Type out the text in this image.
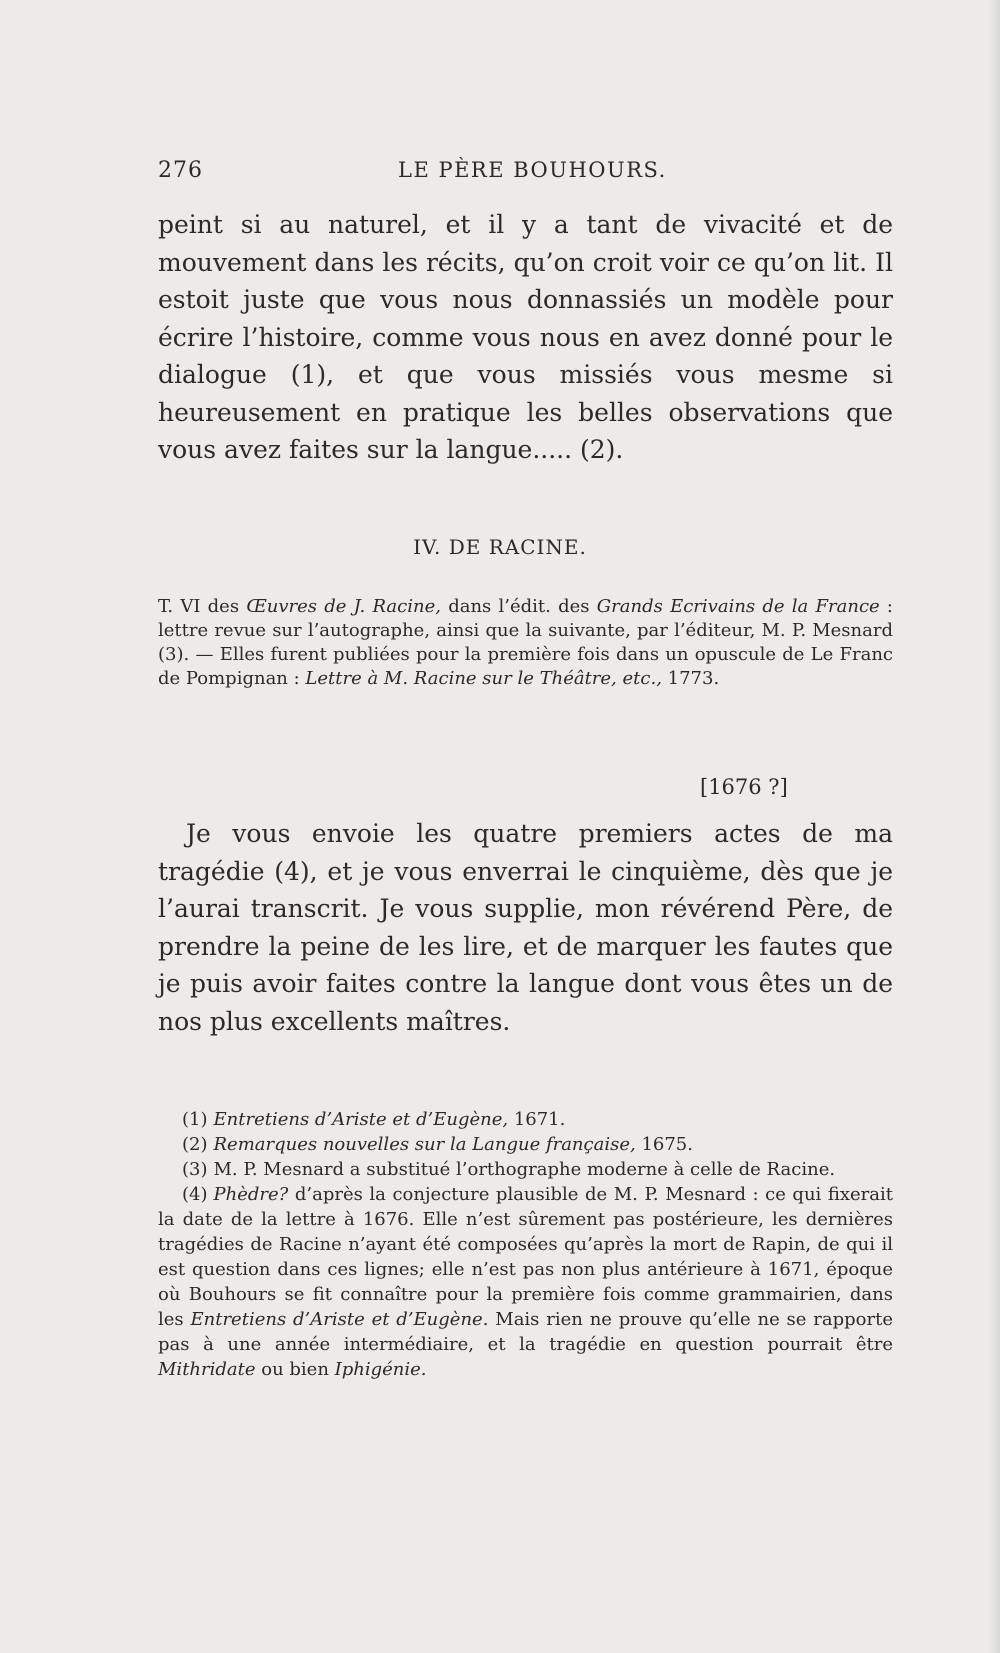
276	LE PÈRE BOUHOURS.

peint si au naturel, et il y a tant de vivacité et de mouvement dans les récits, qu’on croit voir ce qu’on lit. Il estoit juste que vous nous donnassiés un modèle pour écrire l’histoire, comme vous nous en avez donné pour le dialogue (1), et que vous missiés vous mesme si heureusement en pratique les belles observations que vous avez faites sur la langue..... (2).

IV. DE RACINE.
T. VI des Œuvres de J. Racine, dans l’édit. des Grands Ecrivains de la France : lettre revue sur l’autographe, ainsi que la suivante, par l’éditeur, M. P. Mesnard (3). — Elles furent publiées pour la première fois dans un opuscule de Le Franc de Pompignan : Lettre à M. Racine sur le Théâtre, etc., 1773.
[1676 ?]

Je vous envoie les quatre premiers actes de ma tragédie (4), et je vous enverrai le cinquième, dès que je l’aurai transcrit. Je vous supplie, mon révérend Père, de prendre la peine de les lire, et de marquer les fautes que je puis avoir faites contre la langue dont vous êtes un de nos plus excellents maîtres.

(1) Entretiens d’Ariste et d’Eugène, 1671.

(2) Remarques nouvelles sur la Langue française, 1675.

(3) M. P. Mesnard a substitué l’orthographe moderne à celle de Racine.

(4) Phèdre? d’après la conjecture plausible de M. P. Mesnard : ce qui fixerait la date de la lettre à 1676. Elle n’est sûrement pas postérieure, les dernières tragédies de Racine n’ayant été composées qu’après la mort de Rapin, de qui il est question dans ces lignes; elle n’est pas non plus antérieure à 1671, époque où Bouhours se fit connaître pour la première fois comme grammairien, dans les Entretiens d’Ariste et d’Eugène. Mais rien ne prouve qu’elle ne se rapporte pas à une année intermédiaire, et la tragédie en question pourrait être Mithridate ou bien Iphigénie.
